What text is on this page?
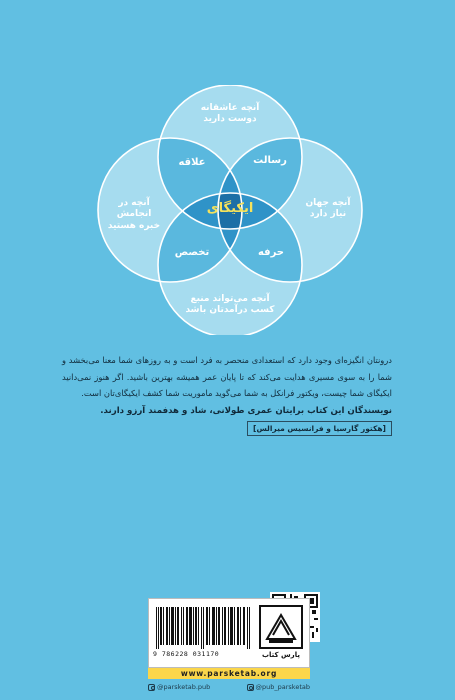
آنچه عاشقانه
دوست دارید
آنچه در انجامش
خبره هستید
آنچه جهان
نیاز دارد
آنچه می‌تواند منبع
کسب درآمدتان باشد
علاقه	رسالت
تخصص	حرفه
ایکیگای

درونتان انگیزه‌ای وجود دارد که استعدادی منحصر به فرد است و به روزهای شما معنا می‌بخشد و شما را به سوی مسیری هدایت می‌کند که تا پایان عمر همیشه بهترین باشید. اگر هنوز نمی‌دانید ایکیگای شما چیست، ویکتور فرانکل به شما می‌گوید ماموریت شما کشف ایکیگای‌تان است.

نویسندگان این کتاب برایتان عمری طولانی، شاد و هدفمند آرزو دارند.

[هکتور گارسیا و فرانسیس میرالس]
9 786228 031170	پارس کتاب
www.parsketab.org
@parsketab.pub	@pub_parsketab
